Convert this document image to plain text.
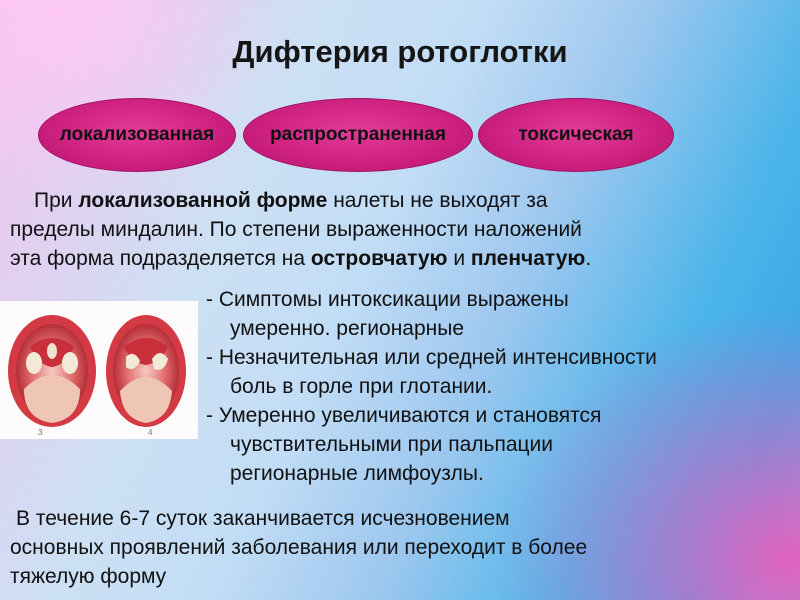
Дифтерия ротоглотки
локализованная	распространенная	токсическая
При локализованной форме налеты не выходят за
пределы миндалин. По степени выраженности наложений
эта форма подразделяется на островчатую и пленчатую.
3	4
- Симптомы интоксикации выражены
умеренно. регионарные
- Незначительная или средней интенсивности
боль в горле при глотании.
- Умеренно увеличиваются и становятся
чувствительными при пальпации
регионарные лимфоузлы.
В течение 6-7 суток заканчивается исчезновением
основных проявлений заболевания или переходит в более
тяжелую форму
